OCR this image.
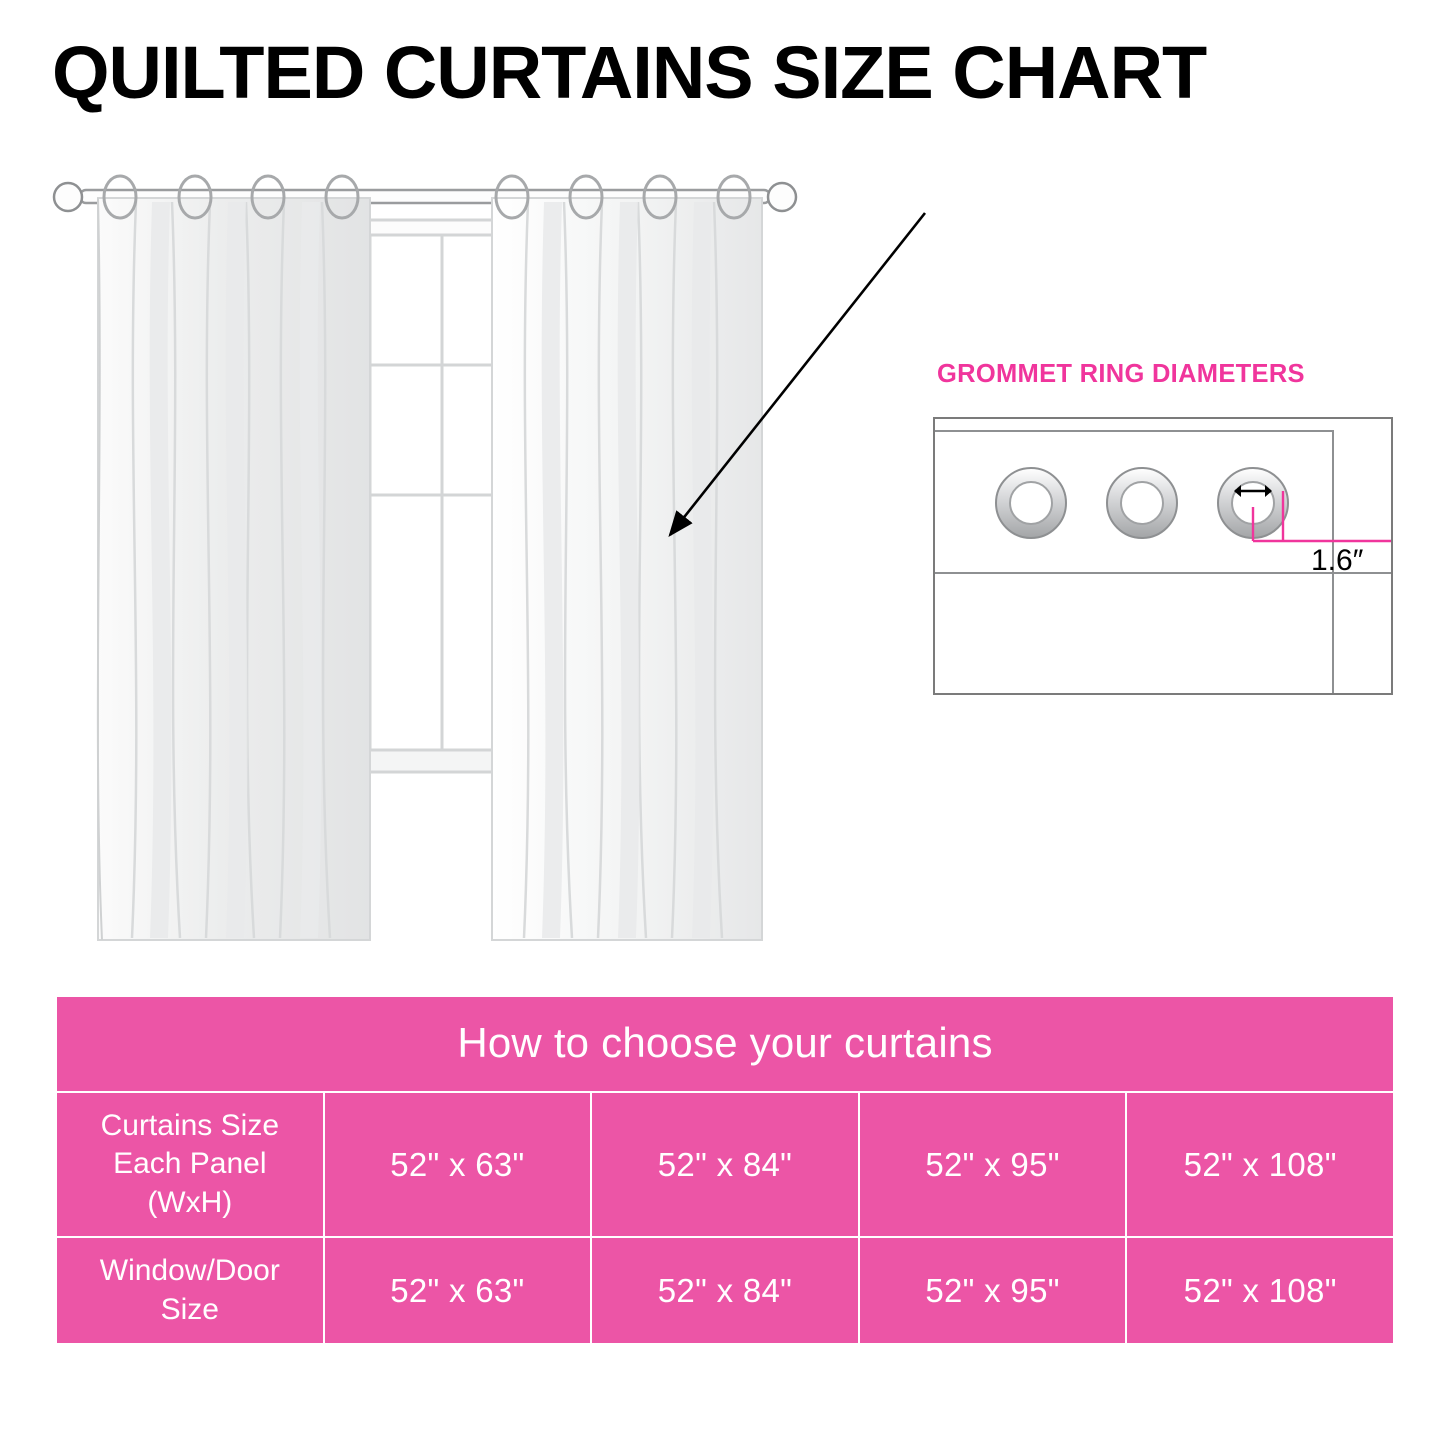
QUILTED CURTAINS SIZE CHART
GROMMET RING DIAMETERS
1.6″
How to choose your curtains				

Curtains Size
Each Panel
(WxH)	52" x 63"	52" x 84"	52" x 95"	52" x 108"

Window/Door
Size	52" x 63"	52" x 84"	52" x 95"	52" x 108"
